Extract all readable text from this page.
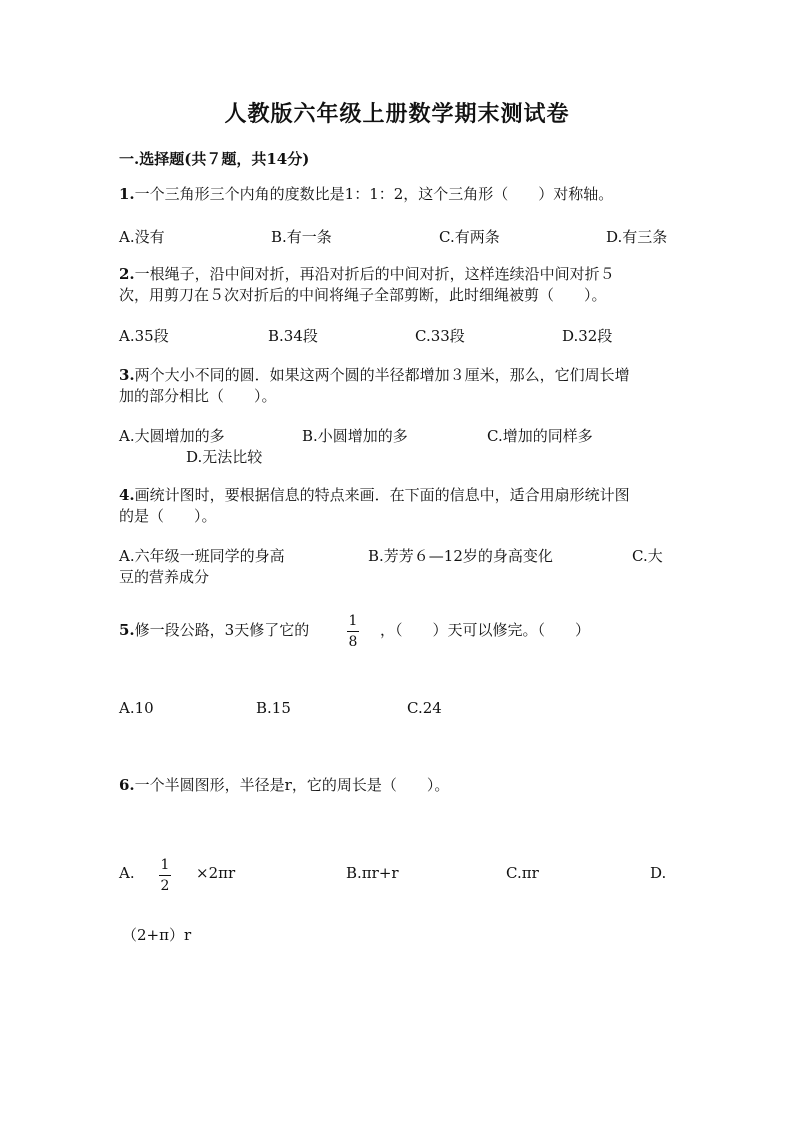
人教版六年级上册数学期末测试卷
一.选择题(共７题，共14分)
1.一个三角形三个内角的度数比是1：1：2，这个三角形（　　）对称轴。
A.没有	B.有一条	C.有两条	D.有三条
2.一根绳子，沿中间对折，再沿对折后的中间对折，这样连续沿中间对折５
次，用剪刀在５次对折后的中间将绳子全部剪断，此时细绳被剪（　　）。
A.35段	B.34段	C.33段	D.32段
3.两个大小不同的圆．如果这两个圆的半径都增加３厘米，那么，它们周长增
加的部分相比（　　）。
A.大圆增加的多	B.小圆增加的多	C.增加的同样多
D.无法比较
4.画统计图时，要根据信息的特点来画．在下面的信息中，适合用扇形统计图
的是（　　）。
A.六年级一班同学的身高	B.芳芳６—12岁的身高变化	C.大
豆的营养成分
5.修一段公路，3天修了它的	1
8
，（　　）天可以修完。（　　）
A.10	B.15	C.24
6.一个半圆图形，半径是r，它的周长是（　　）。
A. 1
2
×2πr	B.πr+r	C.πr	D.
（2+π）r
